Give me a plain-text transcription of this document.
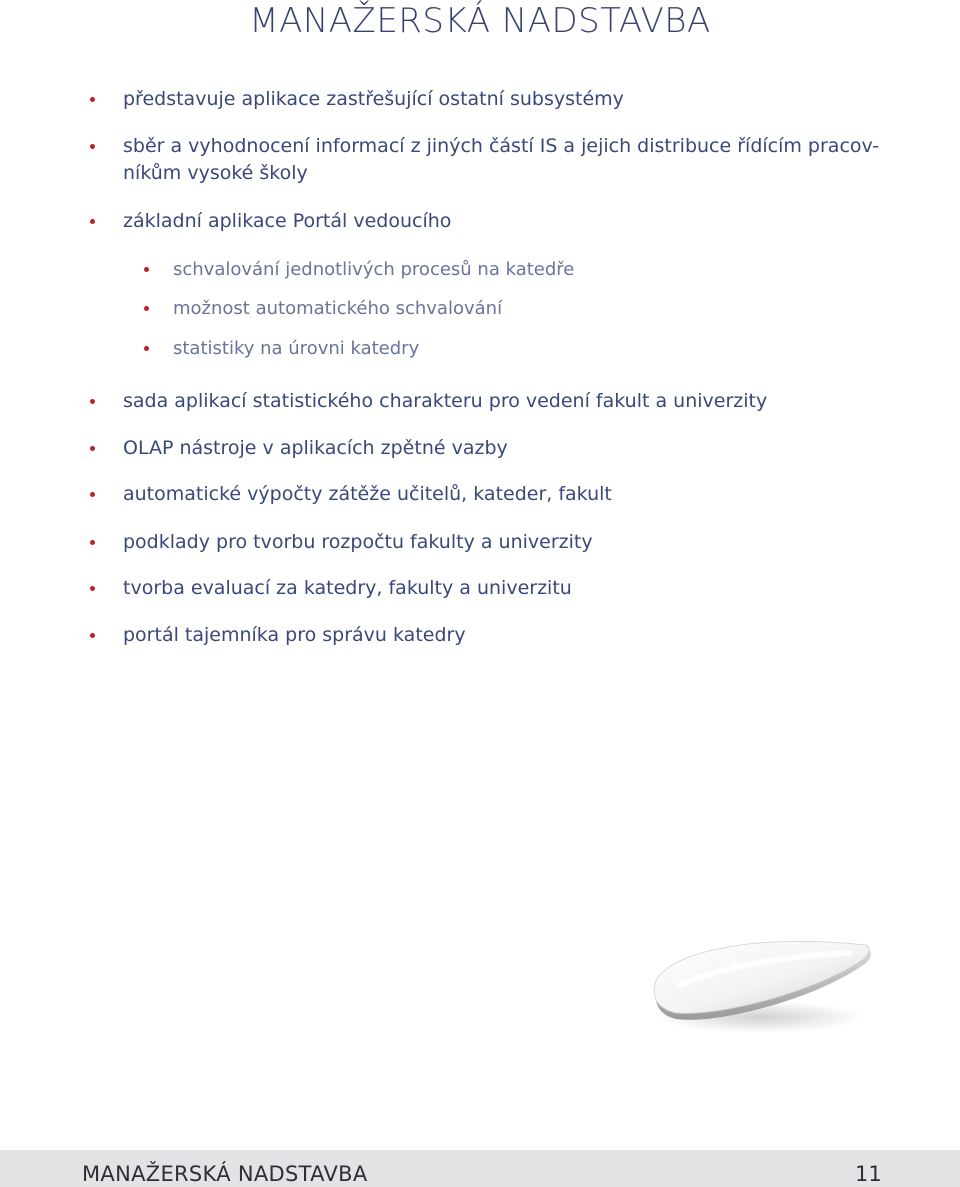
MANAŽERSKÁ NADSTAVBA
představuje aplikace zastřešující ostatní subsystémy
sběr a vyhodnocení informací z jiných částí IS a jejich distribuce řídícím pracov-
níkům vysoké školy
základní aplikace Portál vedoucího
schvalování jednotlivých procesů na katedře
možnost automatického schvalování
statistiky na úrovni katedry
sada aplikací statistického charakteru pro vedení fakult a univerzity
OLAP nástroje v aplikacích zpětné vazby
automatické výpočty zátěže učitelů, kateder, fakult
podklady pro tvorbu rozpočtu fakulty a univerzity
tvorba evaluací za katedry, fakulty a univerzitu
portál tajemníka pro správu katedry
MANAŽERSKÁ NADSTAVBA	11
